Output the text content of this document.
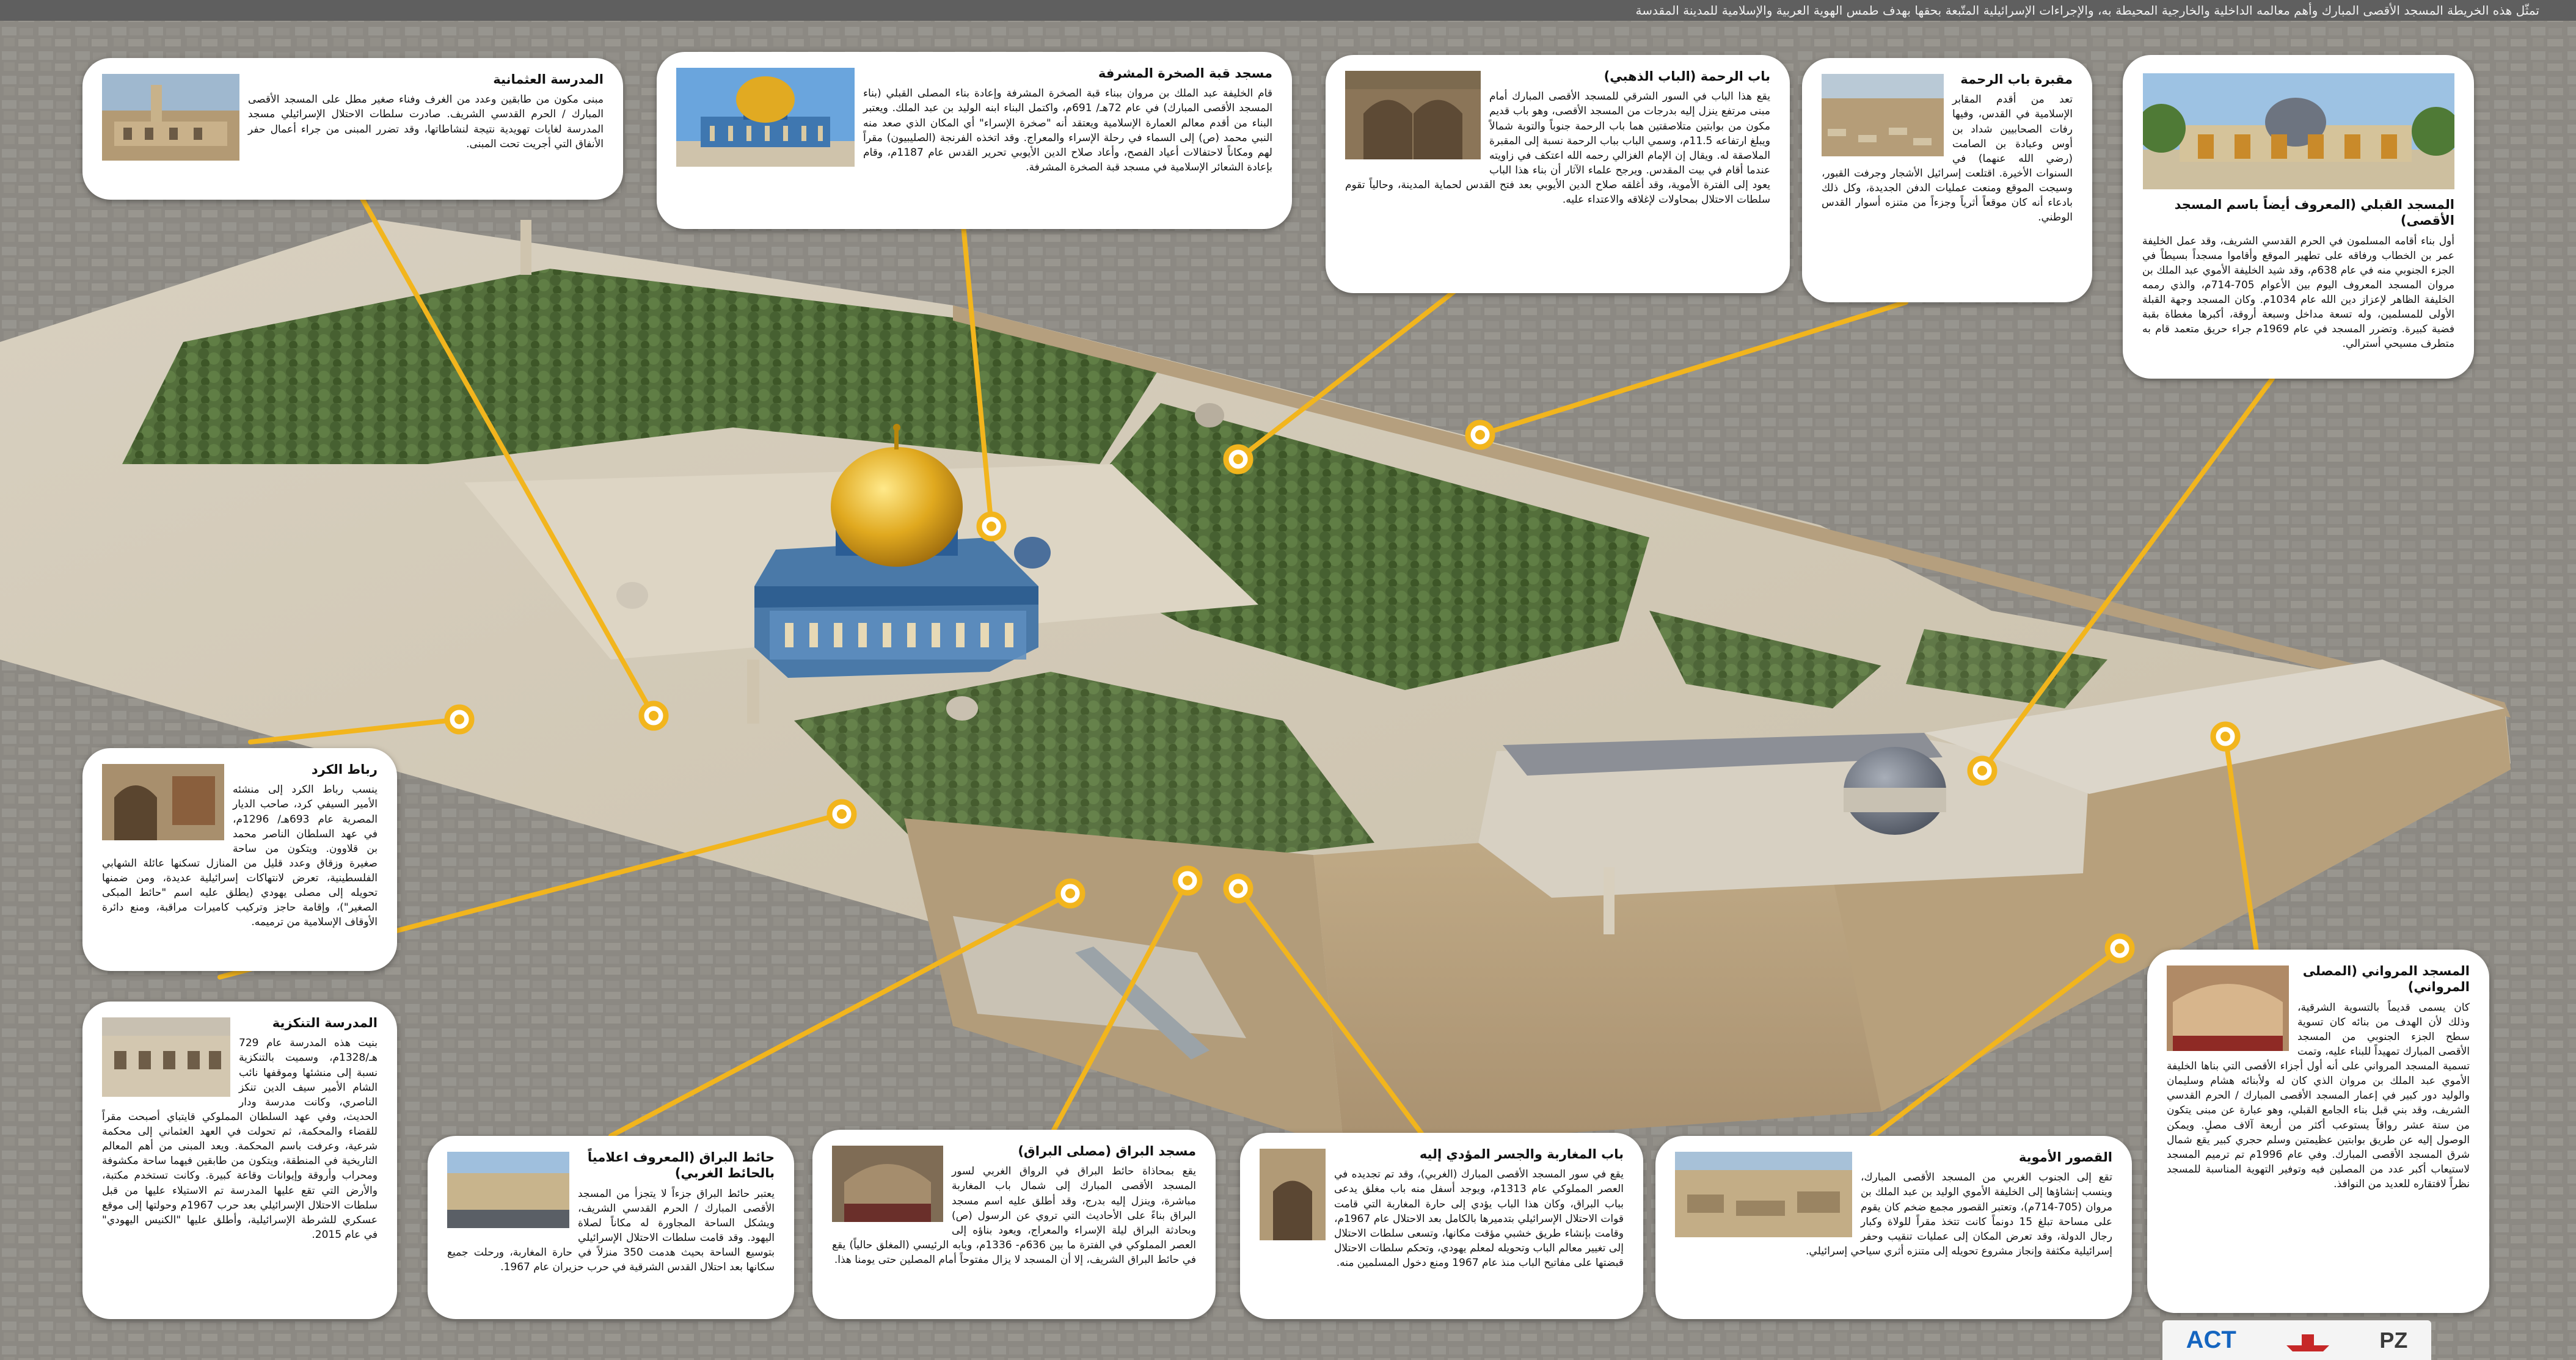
تمثّل هذه الخريطة المسجد الأقصى المبارك وأهم معالمه الداخلية والخارجية المحيطة به، والإجراءات الإسرائيلية المتّبعة بحقها بهدف طمس الهوية العربية والإسلامية للمدينة المقدسة
المدرسة العثمانية

مبنى مكون من طابقين وعدد من الغرف وفناء صغير مطل على المسجد الأقصى المبارك / الحرم القدسي الشريف. صادرت سلطات الاحتلال الإسرائيلي مسجد المدرسة لغايات تهويدية نتيجة لنشاطاتها، وقد تضرر المبنى من جراء أعمال حفر الأنفاق التي أجريت تحت المبنى.

مسجد قبة الصخرة المشرفة

قام الخليفة عبد الملك بن مروان ببناء قبة الصخرة المشرفة وإعادة بناء المصلى القبلي (بناء المسجد الأقصى المبارك) في عام 72هـ/ 691م، واكتمل البناء ابنه الوليد بن عبد الملك. ويعتبر البناء من أقدم معالم العمارة الإسلامية ويعتقد أنه "صخرة الإسراء" أي المكان الذي صعد منه النبي محمد (ص) إلى السماء في رحلة الإسراء والمعراج. وقد اتخذه الفرنجة (الصليبيون) مقراً لهم ومكاناً لاحتفالات أعياد الفصح، وأعاد صلاح الدين الأيوبي تحرير القدس عام 1187م، وقام بإعادة الشعائر الإسلامية في مسجد قبة الصخرة المشرفة.

باب الرحمة (الباب الذهبي)

يقع هذا الباب في السور الشرقي للمسجد الأقصى المبارك أمام مبنى مرتفع ينزل إليه بدرجات من المسجد الأقصى، وهو باب قديم مكون من بوابتين متلاصقتين هما باب الرحمة جنوباً والتوبة شمالاً ويبلغ ارتفاعه 11.5م، وسمي الباب بباب الرحمة نسبة إلى المقبرة الملاصقة له. ويقال إن الإمام الغزالي رحمه الله اعتكف في زاويته عندما أقام في بيت المقدس. ويرجح علماء الآثار أن بناء هذا الباب يعود إلى الفترة الأموية، وقد أغلقه صلاح الدين الأيوبي بعد فتح القدس لحماية المدينة، وحالياً تقوم سلطات الاحتلال بمحاولات لإغلاقه والاعتداء عليه.

مقبرة باب الرحمة

تعد من أقدم المقابر الإسلامية في القدس، وفيها رفات الصحابيين شداد بن أوس وعبادة بن الصامت (رضي الله عنهما) في السنوات الأخيرة. اقتلعت إسرائيل الأشجار وجرفت القبور، وسيجت الموقع ومنعت عمليات الدفن الجديدة، وكل ذلك بادعاء أنه كان موقعاً أثرياً وجزءاً من متنزه أسوار القدس الوطني.

المسجد القبلي (المعروف أيضاً باسم المسجد الأقصى)

أول بناء أقامه المسلمون في الحرم القدسي الشريف، وقد عمل الخليفة عمر بن الخطاب ورفاقه على تطهير الموقع وأقاموا مسجداً بسيطاً في الجزء الجنوبي منه في عام 638م، وقد شيد الخليفة الأموي عبد الملك بن مروان المسجد المعروف اليوم بين الأعوام 705-714م، والذي رممه الخليفة الظاهر لإعزاز دين الله عام 1034م. وكان المسجد وجهة القبلة الأولى للمسلمين، وله تسعة مداخل وسبعة أروقة، أكبرها مغطاة بقبة فضية كبيرة. وتضرر المسجد في عام 1969م جراء حريق متعمد قام به متطرف مسيحي أسترالي.

رباط الكرد

ينسب رباط الكرد إلى منشئه الأمير السيفي كرد، صاحب الديار المصرية عام 693هـ/ 1296م، في عهد السلطان الناصر محمد بن قلاوون. ويتكون من ساحة صغيرة وزقاق وعدد قليل من المنازل تسكنها عائلة الشهابي الفلسطينية، تعرض لانتهاكات إسرائيلية عديدة، ومن ضمنها تحويله إلى مصلى يهودي (يطلق عليه اسم "حائط المبكى الصغير")، وإقامة حاجز وتركيب كاميرات مراقبة، ومنع دائرة الأوقاف الإسلامية من ترميمه.

المدرسة التنكزية

بنيت هذه المدرسة عام 729 هـ/1328م، وسميت بالتنكزية نسبة إلى منشئها وموقفها نائب الشام الأمير سيف الدين تنكز الناصري، وكانت مدرسة ودار الحديث، وفي عهد السلطان المملوكي قايتباي أصبحت مقراً للقضاء والمحكمة، ثم تحولت في العهد العثماني إلى محكمة شرعية، وعرفت باسم المحكمة. ويعد المبنى من أهم المعالم التاريخية في المنطقة، ويتكون من طابقين فيهما ساحة مكشوفة ومحراب وأروقة وإيوانات وقاعة كبيرة. وكانت تستخدم مكتبة، والأرض التي تقع عليها المدرسة تم الاستيلاء عليها من قبل سلطات الاحتلال الإسرائيلي بعد حرب 1967م وحولتها إلى موقع عسكري للشرطة الإسرائيلية، وأطلق عليها "الكنيس اليهودي" في عام 2015.

حائط البراق (المعروف اعلامياً بالحائط الغربي)

يعتبر حائط البراق جزءاً لا يتجزأ من المسجد الأقصى المبارك / الحرم القدسي الشريف، ويشكل الساحة المجاورة له مكاناً لصلاة اليهود. وقد قامت سلطات الاحتلال الإسرائيلي بتوسيع الساحة بحيث هدمت 350 منزلاً في حارة المغاربة، ورحلت جميع سكانها بعد احتلال القدس الشرقية في حرب حزيران عام 1967.

مسجد البراق (مصلى البراق)

يقع بمحاذاة حائط البراق في الرواق الغربي لسور المسجد الأقصى المبارك إلى شمال باب المغاربة مباشرة، وينزل إليه بدرج، وقد أطلق عليه اسم مسجد البراق بناءً على الأحاديث التي تروي عن الرسول (ص) وبحادثة البراق ليلة الإسراء والمعراج، ويعود بناؤه إلى العصر المملوكي في الفترة ما بين 636م- 1336م، وبابه الرئيسي (المغلق حالياً) يقع في حائط البراق الشريف، إلا أن المسجد لا يزال مفتوحاً أمام المصلين حتى يومنا هذا.

باب المغاربة والجسر المؤدي إليه

يقع في سور المسجد الأقصى المبارك (الغربي)، وقد تم تجديده في العصر المملوكي عام 1313م، ويوجد أسفل منه باب مغلق يدعى بباب البراق، وكان هذا الباب يؤدي إلى حارة المغاربة التي قامت قوات الاحتلال الإسرائيلي بتدميرها بالكامل بعد الاحتلال عام 1967م، وقامت بإنشاء طريق خشبي مؤقت مكانها، وتسعى سلطات الاحتلال إلى تغيير معالم الباب وتحويله لمعلم يهودي، وتحكم سلطات الاحتلال قبضتها على مفاتيح الباب منذ عام 1967 ومنع دخول المسلمين منه.

القصور الأموية

تقع إلى الجنوب الغربي من المسجد الأقصى المبارك، وينسب إنشاؤها إلى الخليفة الأموي الوليد بن عبد الملك بن مروان (705-714م)، وتعتبر القصور مجمع ضخم كان يقوم على مساحة تبلغ 15 دونماً كانت تتخذ مقراً للولاة وكبار رجال الدولة، وقد تعرض المكان إلى عمليات تنقيب وحفر إسرائيلية مكثفة وإنجاز مشروع تحويله إلى متنزه أثري سياحي إسرائيلي.

المسجد المرواني (المصلى المرواني)

كان يسمى قديماً بالتسوية الشرقية، وذلك لأن الهدف من بنائه كان تسوية سطح الجزء الجنوبي من المسجد الأقصى المبارك تمهيداً للبناء عليه، وتمت تسمية المسجد المرواني على أنه أول أجزاء الأقصى التي بناها الخليفة الأموي عبد الملك بن مروان الذي كان له ولأبنائه هشام وسليمان والوليد دور كبير في إعمار المسجد الأقصى المبارك / الحرم القدسي الشريف، وقد بني قبل بناء الجامع القبلي، وهو عبارة عن مبنى يتكون من ستة عشر رواقاً يستوعب أكثر من أربعة آلاف مصلٍ. ويمكن الوصول إليه عن طريق بوابتين عظيمتين وسلم حجري كبير يقع شمال شرق المسجد الأقصى المبارك. وفي عام 1996م تم ترميم المسجد لاستيعاب أكبر عدد من المصلين فيه وتوفير التهوية المناسبة للمسجد نظراً لافتقاره للعديد من النوافذ.

PZ
ACT
